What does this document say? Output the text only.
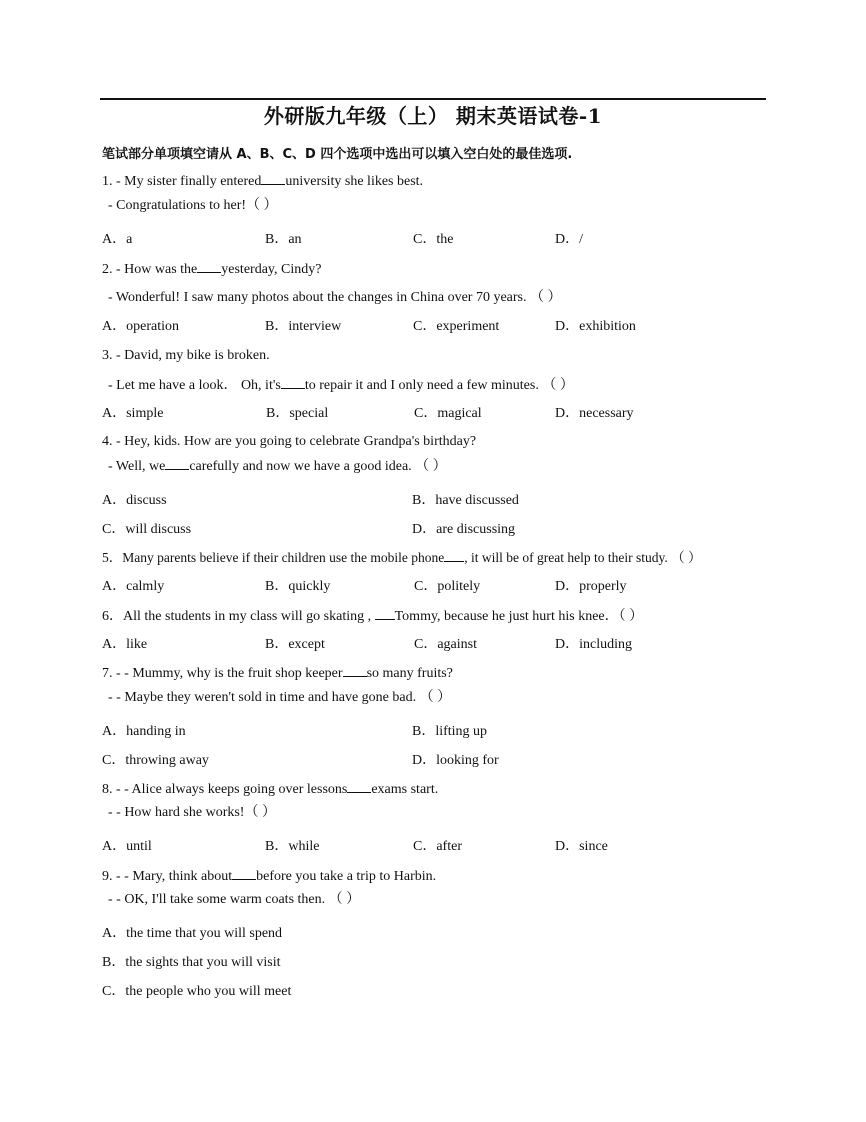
外研版九年级（上） 期末英语试卷-1
笔试部分单项填空请从 A、B、C、D 四个选项中选出可以填入空白处的最佳选项.
1. - My sister finally entered university she likes best.
- Congratulations to her!（ ）
A．a	B．an	C．the	D．/
2. - How was the yesterday, Cindy?
- Wonderful! I saw many photos about the changes in China over 70 years. （ ）
A．operation	B．interview	C．experiment	D．exhibition
3. - David, my bike is broken.
- Let me have a look． Oh, it's to repair it and I only need a few minutes. （ ）
A．simple	B．special	C．magical	D．necessary
4. - Hey, kids. How are you going to celebrate Grandpa's birthday?
- Well, we carefully and now we have a good idea. （ ）
A．discuss	B．have discussed
C．will discuss	D．are discussing
5．Many parents believe if their children use the mobile phone , it will be of great help to their study. （ ）
A．calmly	B．quickly	C．politely	D．properly
6．All the students in my class will go skating , Tommy, because he just hurt his knee．（ ）
A．like	B．except	C．against	D．including
7. - - Mummy, why is the fruit shop keeper so many fruits?
- - Maybe they weren't sold in time and have gone bad. （ ）
A．handing in	B．lifting up
C．throwing away	D．looking for
8. - - Alice always keeps going over lessons exams start.
- - How hard she works!（ ）
A．until	B．while	C．after	D．since
9. - - Mary, think about before you take a trip to Harbin.
- - OK, I'll take some warm coats then. （ ）
A．the time that you will spend
B．the sights that you will visit
C．the people who you will meet
